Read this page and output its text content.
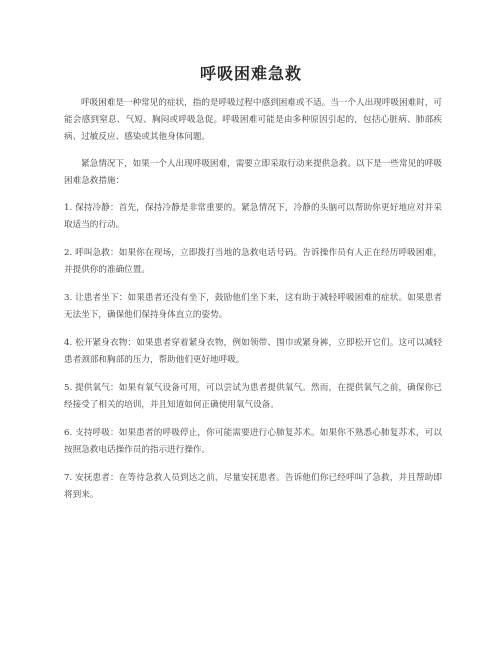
呼吸困难急救

呼吸困难是一种常见的症状，指的是呼吸过程中感到困难或不适。当一个人出现呼吸困难时，可能会感到窒息、气短、胸闷或呼吸急促。呼吸困难可能是由多种原因引起的，包括心脏病、肺部疾病、过敏反应、感染或其他身体问题。

紧急情况下，如果一个人出现呼吸困难，需要立即采取行动来提供急救。以下是一些常见的呼吸困难急救措施：

1. 保持冷静：首先，保持冷静是非常重要的。紧急情况下，冷静的头脑可以帮助你更好地应对并采取适当的行动。

2. 呼叫急救：如果你在现场，立即拨打当地的急救电话号码。告诉操作员有人正在经历呼吸困难，并提供你的准确位置。

3. 让患者坐下：如果患者还没有坐下，鼓励他们坐下来，这有助于减轻呼吸困难的症状。如果患者无法坐下，确保他们保持身体直立的姿势。

4. 松开紧身衣物：如果患者穿着紧身衣物，例如领带、围巾或紧身裤，立即松开它们。这可以减轻患者颈部和胸部的压力，帮助他们更好地呼吸。

5. 提供氧气：如果有氧气设备可用，可以尝试为患者提供氧气。然而，在提供氧气之前，确保你已经接受了相关的培训，并且知道如何正确使用氧气设备。

6. 支持呼吸：如果患者的呼吸停止，你可能需要进行心肺复苏术。如果你不熟悉心肺复苏术，可以按照急救电话操作员的指示进行操作。

7. 安抚患者：在等待急救人员到达之前，尽量安抚患者。告诉他们你已经呼叫了急救，并且帮助即将到来。
